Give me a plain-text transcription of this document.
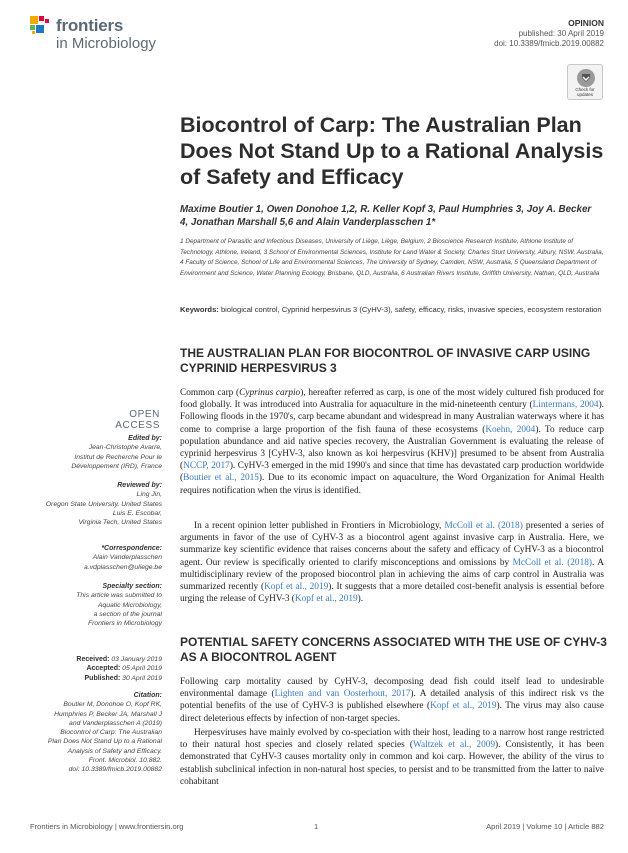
frontiers
in Microbiology
OPINION
published: 30 April 2019
doi: 10.3389/fmicb.2019.00882
Check for
updates
Biocontrol of Carp: The Australian Plan Does Not Stand Up to a Rational Analysis of Safety and Efficacy
Maxime Boutier 1, Owen Donohoe 1,2, R. Keller Kopf 3, Paul Humphries 3, Joy A. Becker 4, Jonathan Marshall 5,6 and Alain Vanderplasschen 1*
1 Department of Parasitic and Infectious Diseases, University of Liège, Liège, Belgium, 2 Bioscience Research Institute, Athlone Institute of Technology, Athlone, Ireland, 3 School of Environmental Sciences, Institute for Land Water & Society, Charles Sturt University, Albury, NSW, Australia, 4 Faculty of Science, School of Life and Environmental Sciences, The University of Sydney, Camden, NSW, Australia, 5 Queensland Department of Environment and Science, Water Planning Ecology, Brisbane, QLD, Australia, 6 Australian Rivers Institute, Griffith University, Nathan, QLD, Australia
Keywords: biological control, Cyprinid herpesvirus 3 (CyHV-3), safety, efficacy, risks, invasive species, ecosystem restoration
THE AUSTRALIAN PLAN FOR BIOCONTROL OF INVASIVE CARP USING CYPRINID HERPESVIRUS 3

Common carp (Cyprinus carpio), hereafter referred as carp, is one of the most widely cultured fish produced for food globally. It was introduced into Australia for aquaculture in the mid-nineteenth century (Lintermans, 2004). Following floods in the 1970's, carp became abundant and widespread in many Australian waterways where it has come to comprise a large proportion of the fish fauna of these ecosystems (Koehn, 2004). To reduce carp population abundance and aid native species recovery, the Australian Government is evaluating the release of cyprinid herpesvirus 3 [CyHV-3, also known as koi herpesvirus (KHV)] presumed to be absent from Australia (NCCP, 2017). CyHV-3 emerged in the mid 1990's and since that time has devastated carp production worldwide (Boutier et al., 2015). Due to its economic impact on aquaculture, the Word Organization for Animal Health requires notification when the virus is identified.

In a recent opinion letter published in Frontiers in Microbiology, McColl et al. (2018) presented a series of arguments in favor of the use of CyHV-3 as a biocontrol agent against invasive carp in Australia. Here, we summarize key scientific evidence that raises concerns about the safety and efficacy of CyHV-3 as a biocontrol agent. Our review is specifically oriented to clarify misconceptions and omissions by McColl et al. (2018). A multidisciplinary review of the proposed biocontrol plan in achieving the aims of carp control in Australia was summarized recently (Kopf et al., 2019). It suggests that a more detailed cost-benefit analysis is essential before urging the release of CyHV-3 (Kopf et al., 2019).

POTENTIAL SAFETY CONCERNS ASSOCIATED WITH THE USE OF CYHV-3 AS A BIOCONTROL AGENT

Following carp mortality caused by CyHV-3, decomposing dead fish could itself lead to undesirable environmental damage (Lighten and van Oosterhout, 2017). A detailed analysis of this indirect risk vs the potential benefits of the use of CyHV-3 is published elsewhere (Kopf et al., 2019). The virus may also cause direct deleterious effects by infection of non-target species.

Herpesviruses have mainly evolved by co-speciation with their host, leading to a narrow host range restricted to their natural host species and closely related species (Waltzek et al., 2009). Consistently, it has been demonstrated that CyHV-3 causes mortality only in common and koi carp. However, the ability of the virus to establish subclinical infection in non-natural host species, to persist and to be transmitted from the latter to naïve cohabitant

OPEN ACCESS
Edited by:
Jean-Christophe Avarre,
Institut de Recherche Pour le
Développement (IRD), France
Reviewed by:
Ling Jin,
Oregon State University, United States
Luis E. Escobar,
Virginia Tech, United States
*Correspondence:
Alain Vanderplasschen
a.vdplasschen@uliege.be
Specialty section:
This article was submitted to
Aquatic Microbiology,
a section of the journal
Frontiers in Microbiology
Received: 03 January 2019
Accepted: 05 April 2019
Published: 30 April 2019
Citation:
Boutier M, Donohoe O, Kopf RK,
Humphries P, Becker JA, Marshall J
and Vanderplasschen A (2019)
Biocontrol of Carp: The Australian
Plan Does Not Stand Up to a Rational
Analysis of Safety and Efficacy.
Front. Microbiol. 10:882.
doi: 10.3389/fmicb.2019.00882
Frontiers in Microbiology | www.frontiersin.org	1	April 2019 | Volume 10 | Article 882
